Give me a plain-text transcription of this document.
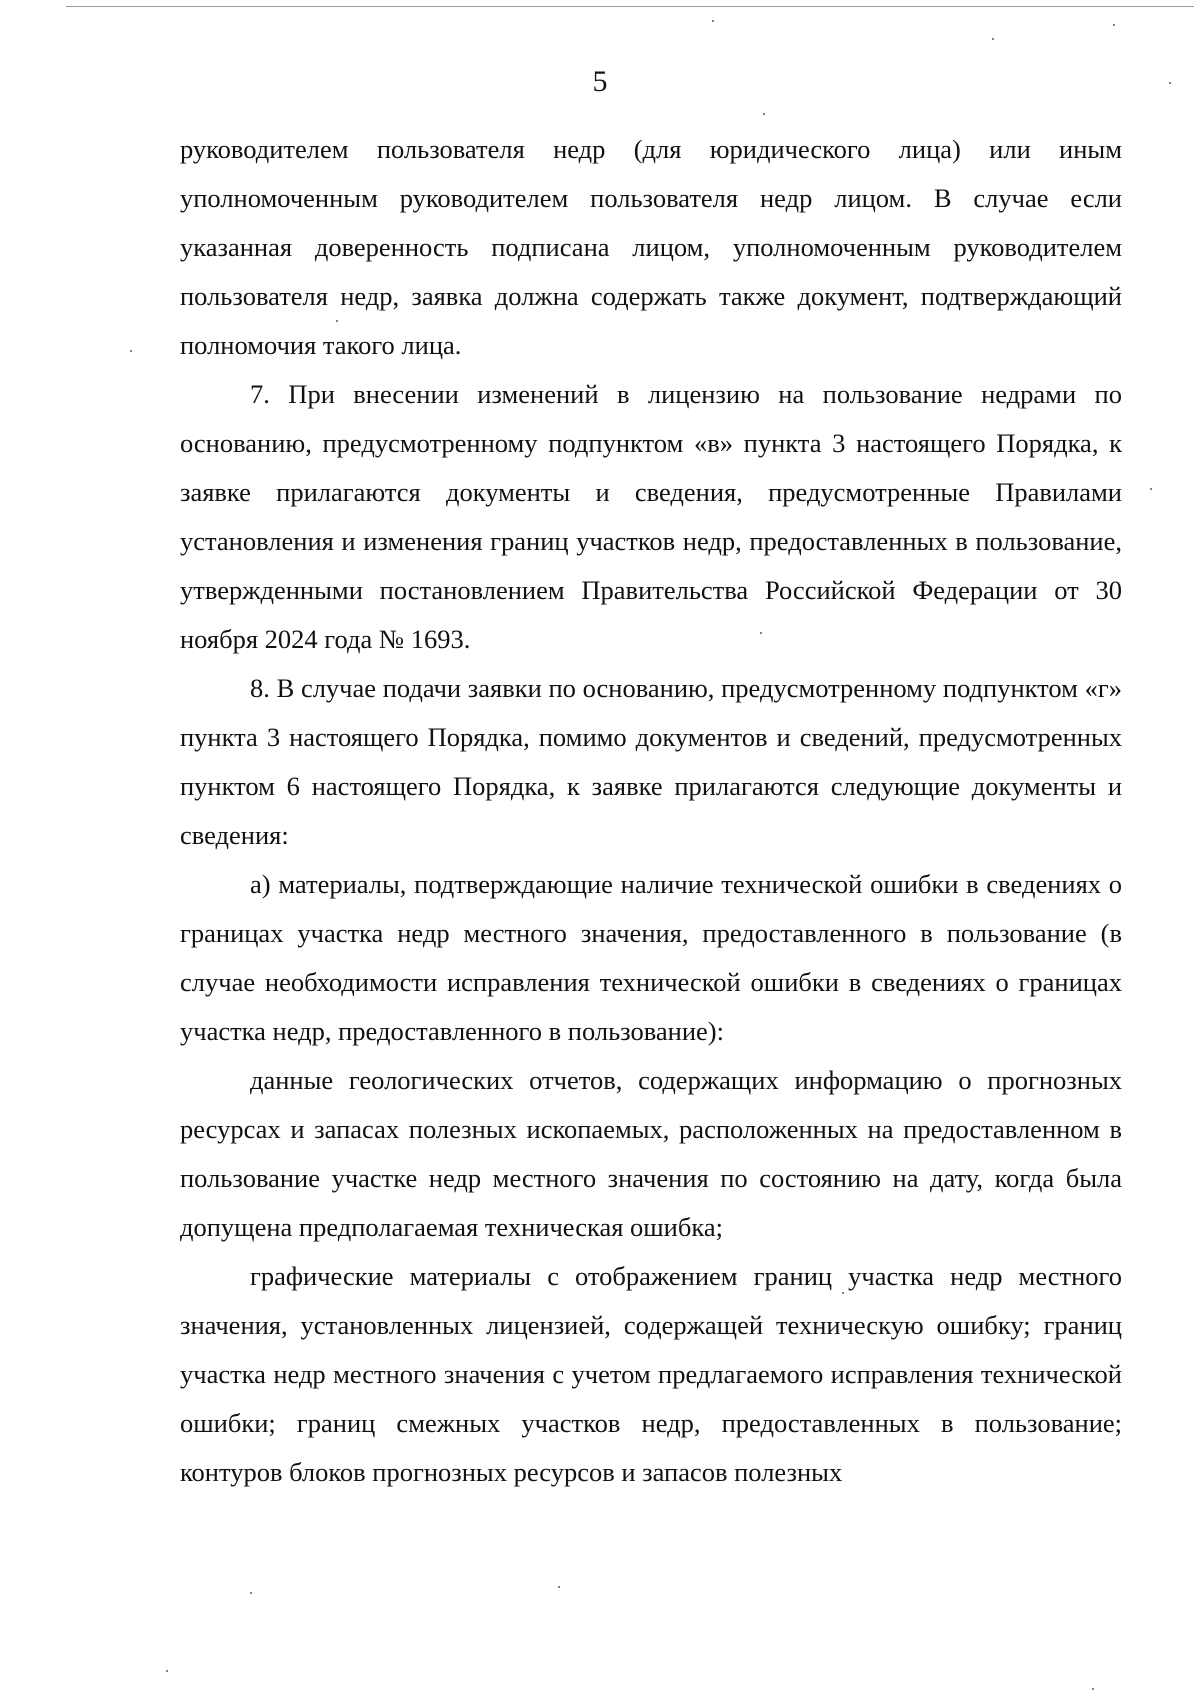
5

руководителем пользователя недр (для юридического лица) или иным уполномоченным руководителем пользователя недр лицом. В случае если указанная доверенность подписана лицом, уполномоченным руководителем пользователя недр, заявка должна содержать также документ, подтверждающий полномочия такого лица.

7. При внесении изменений в лицензию на пользование недрами по основанию, предусмотренному подпунктом «в» пункта 3 настоящего Порядка, к заявке прилагаются документы и сведения, предусмотренные Правилами установления и изменения границ участков недр, предоставленных в пользование, утвержденными постановлением Правительства Российской Федерации от 30 ноября 2024 года № 1693.

8. В случае подачи заявки по основанию, предусмотренному подпунктом «г» пункта 3 настоящего Порядка, помимо документов и сведений, предусмотренных пунктом 6 настоящего Порядка, к заявке прилагаются следующие документы и сведения:

а) материалы, подтверждающие наличие технической ошибки в сведениях о границах участка недр местного значения, предоставленного в пользование (в случае необходимости исправления технической ошибки в сведениях о границах участка недр, предоставленного в пользование):

данные геологических отчетов, содержащих информацию о прогнозных ресурсах и запасах полезных ископаемых, расположенных на предоставленном в пользование участке недр местного значения по состоянию на дату, когда была допущена предполагаемая техническая ошибка;

графические материалы с отображением границ участка недр местного значения, установленных лицензией, содержащей техническую ошибку; границ участка недр местного значения с учетом предлагаемого исправления технической ошибки; границ смежных участков недр, предоставленных в пользование; контуров блоков прогнозных ресурсов и запасов полезных
